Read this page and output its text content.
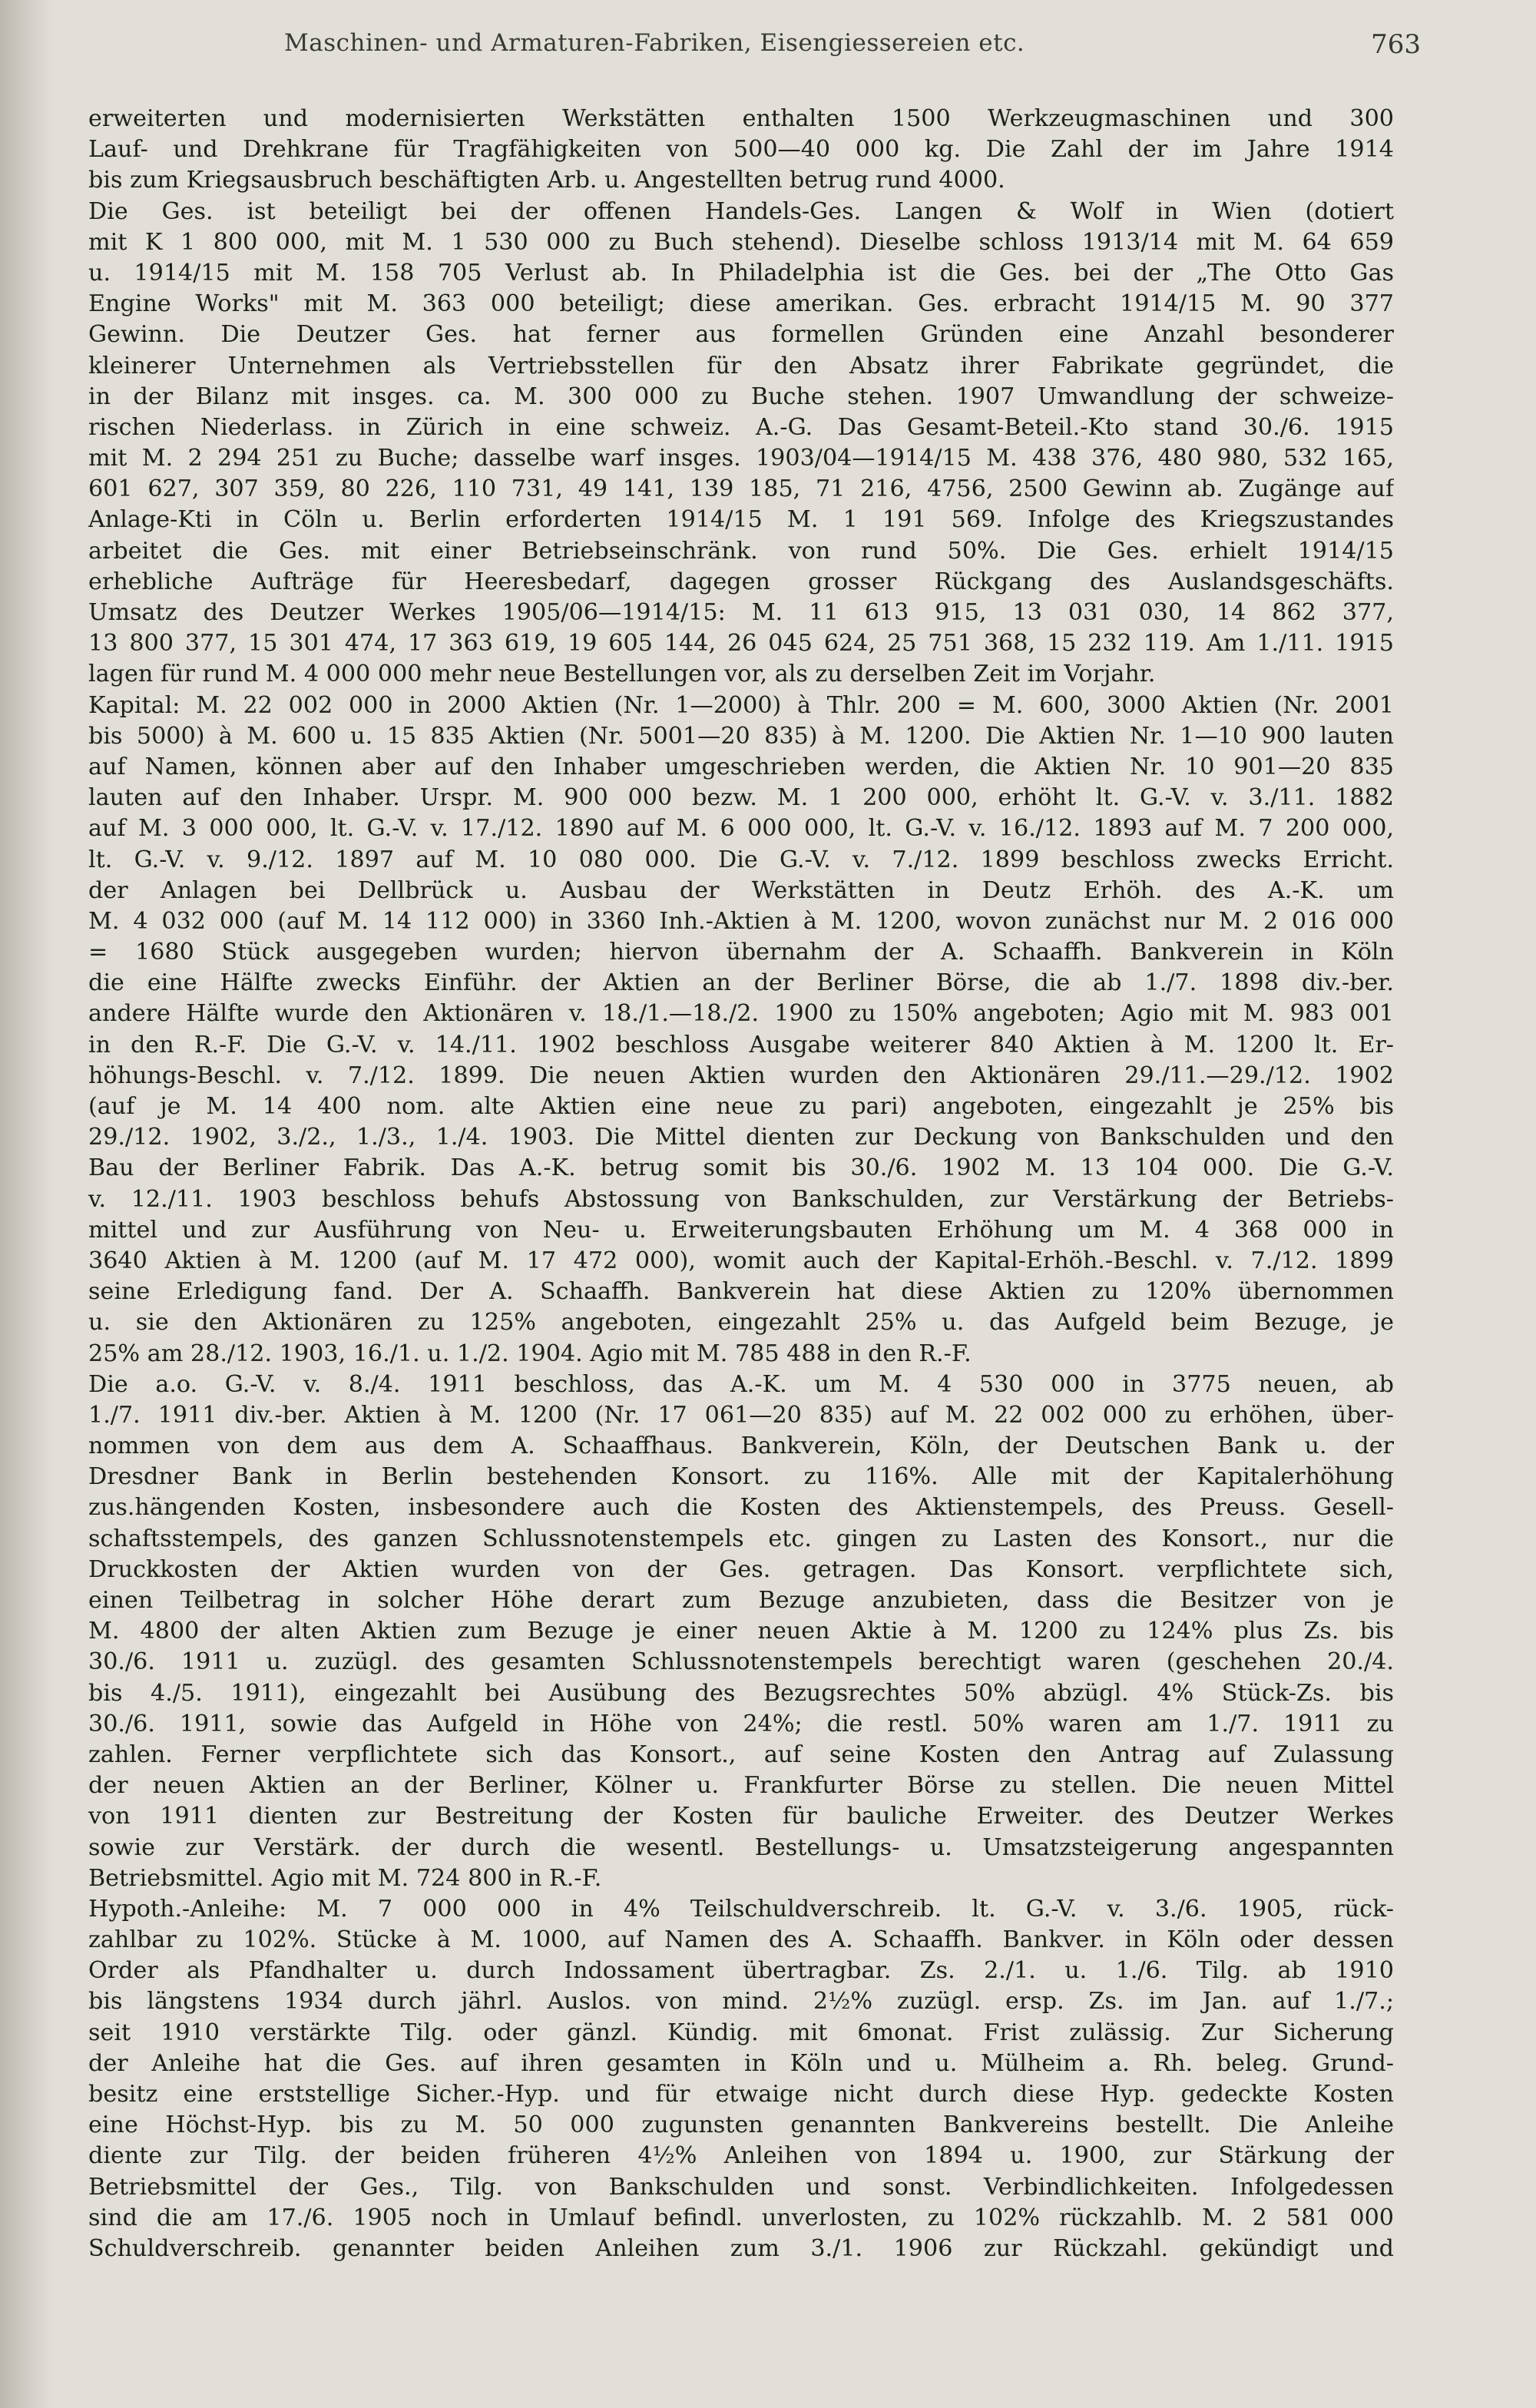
Maschinen- und Armaturen-Fabriken, Eisengiessereien etc.	763
erweiterten und modernisierten Werkstätten enthalten 1500 Werkzeugmaschinen und 300
Lauf- und Drehkrane für Tragfähigkeiten von 500—40 000 kg. Die Zahl der im Jahre 1914
bis zum Kriegsausbruch beschäftigten Arb. u. Angestellten betrug rund 4000.
Die Ges. ist beteiligt bei der offenen Handels-Ges. Langen & Wolf in Wien (dotiert
mit K 1 800 000, mit M. 1 530 000 zu Buch stehend). Dieselbe schloss 1913/14 mit M. 64 659
u. 1914/15 mit M. 158 705 Verlust ab. In Philadelphia ist die Ges. bei der „The Otto Gas
Engine Works" mit M. 363 000 beteiligt; diese amerikan. Ges. erbracht 1914/15 M. 90 377
Gewinn. Die Deutzer Ges. hat ferner aus formellen Gründen eine Anzahl besonderer
kleinerer Unternehmen als Vertriebsstellen für den Absatz ihrer Fabrikate gegründet, die
in der Bilanz mit insges. ca. M. 300 000 zu Buche stehen. 1907 Umwandlung der schweize-
rischen Niederlass. in Zürich in eine schweiz. A.-G. Das Gesamt-Beteil.-Kto stand 30./6. 1915
mit M. 2 294 251 zu Buche; dasselbe warf insges. 1903/04—1914/15 M. 438 376, 480 980, 532 165,
601 627, 307 359, 80 226, 110 731, 49 141, 139 185, 71 216, 4756, 2500 Gewinn ab. Zugänge auf
Anlage-Kti in Cöln u. Berlin erforderten 1914/15 M. 1 191 569. Infolge des Kriegszustandes
arbeitet die Ges. mit einer Betriebseinschränk. von rund 50%. Die Ges. erhielt 1914/15
erhebliche Aufträge für Heeresbedarf, dagegen grosser Rückgang des Auslandsgeschäfts.
Umsatz des Deutzer Werkes 1905/06—1914/15: M. 11 613 915, 13 031 030, 14 862 377,
13 800 377, 15 301 474, 17 363 619, 19 605 144, 26 045 624, 25 751 368, 15 232 119. Am 1./11. 1915
lagen für rund M. 4 000 000 mehr neue Bestellungen vor, als zu derselben Zeit im Vorjahr.
Kapital: M. 22 002 000 in 2000 Aktien (Nr. 1—2000) à Thlr. 200 = M. 600, 3000 Aktien (Nr. 2001
bis 5000) à M. 600 u. 15 835 Aktien (Nr. 5001—20 835) à M. 1200. Die Aktien Nr. 1—10 900 lauten
auf Namen, können aber auf den Inhaber umgeschrieben werden, die Aktien Nr. 10 901—20 835
lauten auf den Inhaber. Urspr. M. 900 000 bezw. M. 1 200 000, erhöht lt. G.-V. v. 3./11. 1882
auf M. 3 000 000, lt. G.-V. v. 17./12. 1890 auf M. 6 000 000, lt. G.-V. v. 16./12. 1893 auf M. 7 200 000,
lt. G.-V. v. 9./12. 1897 auf M. 10 080 000. Die G.-V. v. 7./12. 1899 beschloss zwecks Erricht.
der Anlagen bei Dellbrück u. Ausbau der Werkstätten in Deutz Erhöh. des A.-K. um
M. 4 032 000 (auf M. 14 112 000) in 3360 Inh.-Aktien à M. 1200, wovon zunächst nur M. 2 016 000
= 1680 Stück ausgegeben wurden; hiervon übernahm der A. Schaaffh. Bankverein in Köln
die eine Hälfte zwecks Einführ. der Aktien an der Berliner Börse, die ab 1./7. 1898 div.-ber.
andere Hälfte wurde den Aktionären v. 18./1.—18./2. 1900 zu 150% angeboten; Agio mit M. 983 001
in den R.-F. Die G.-V. v. 14./11. 1902 beschloss Ausgabe weiterer 840 Aktien à M. 1200 lt. Er-
höhungs-Beschl. v. 7./12. 1899. Die neuen Aktien wurden den Aktionären 29./11.—29./12. 1902
(auf je M. 14 400 nom. alte Aktien eine neue zu pari) angeboten, eingezahlt je 25% bis
29./12. 1902, 3./2., 1./3., 1./4. 1903. Die Mittel dienten zur Deckung von Bankschulden und den
Bau der Berliner Fabrik. Das A.-K. betrug somit bis 30./6. 1902 M. 13 104 000. Die G.-V.
v. 12./11. 1903 beschloss behufs Abstossung von Bankschulden, zur Verstärkung der Betriebs-
mittel und zur Ausführung von Neu- u. Erweiterungsbauten Erhöhung um M. 4 368 000 in
3640 Aktien à M. 1200 (auf M. 17 472 000), womit auch der Kapital-Erhöh.-Beschl. v. 7./12. 1899
seine Erledigung fand. Der A. Schaaffh. Bankverein hat diese Aktien zu 120% übernommen
u. sie den Aktionären zu 125% angeboten, eingezahlt 25% u. das Aufgeld beim Bezuge, je
25% am 28./12. 1903, 16./1. u. 1./2. 1904. Agio mit M. 785 488 in den R.-F.
Die a.o. G.-V. v. 8./4. 1911 beschloss, das A.-K. um M. 4 530 000 in 3775 neuen, ab
1./7. 1911 div.-ber. Aktien à M. 1200 (Nr. 17 061—20 835) auf M. 22 002 000 zu erhöhen, über-
nommen von dem aus dem A. Schaaffhaus. Bankverein, Köln, der Deutschen Bank u. der
Dresdner Bank in Berlin bestehenden Konsort. zu 116%. Alle mit der Kapitalerhöhung
zus.hängenden Kosten, insbesondere auch die Kosten des Aktienstempels, des Preuss. Gesell-
schaftsstempels, des ganzen Schlussnotenstempels etc. gingen zu Lasten des Konsort., nur die
Druckkosten der Aktien wurden von der Ges. getragen. Das Konsort. verpflichtete sich,
einen Teilbetrag in solcher Höhe derart zum Bezuge anzubieten, dass die Besitzer von je
M. 4800 der alten Aktien zum Bezuge je einer neuen Aktie à M. 1200 zu 124% plus Zs. bis
30./6. 1911 u. zuzügl. des gesamten Schlussnotenstempels berechtigt waren (geschehen 20./4.
bis 4./5. 1911), eingezahlt bei Ausübung des Bezugsrechtes 50% abzügl. 4% Stück-Zs. bis
30./6. 1911, sowie das Aufgeld in Höhe von 24%; die restl. 50% waren am 1./7. 1911 zu
zahlen. Ferner verpflichtete sich das Konsort., auf seine Kosten den Antrag auf Zulassung
der neuen Aktien an der Berliner, Kölner u. Frankfurter Börse zu stellen. Die neuen Mittel
von 1911 dienten zur Bestreitung der Kosten für bauliche Erweiter. des Deutzer Werkes
sowie zur Verstärk. der durch die wesentl. Bestellungs- u. Umsatzsteigerung angespannten
Betriebsmittel. Agio mit M. 724 800 in R.-F.
Hypoth.-Anleihe: M. 7 000 000 in 4% Teilschuldverschreib. lt. G.-V. v. 3./6. 1905, rück-
zahlbar zu 102%. Stücke à M. 1000, auf Namen des A. Schaaffh. Bankver. in Köln oder dessen
Order als Pfandhalter u. durch Indossament übertragbar. Zs. 2./1. u. 1./6. Tilg. ab 1910
bis längstens 1934 durch jährl. Auslos. von mind. 2½% zuzügl. ersp. Zs. im Jan. auf 1./7.;
seit 1910 verstärkte Tilg. oder gänzl. Kündig. mit 6monat. Frist zulässig. Zur Sicherung
der Anleihe hat die Ges. auf ihren gesamten in Köln und u. Mülheim a. Rh. beleg. Grund-
besitz eine erststellige Sicher.-Hyp. und für etwaige nicht durch diese Hyp. gedeckte Kosten
eine Höchst-Hyp. bis zu M. 50 000 zugunsten genannten Bankvereins bestellt. Die Anleihe
diente zur Tilg. der beiden früheren 4½% Anleihen von 1894 u. 1900, zur Stärkung der
Betriebsmittel der Ges., Tilg. von Bankschulden und sonst. Verbindlichkeiten. Infolgedessen
sind die am 17./6. 1905 noch in Umlauf befindl. unverlosten, zu 102% rückzahlb. M. 2 581 000
Schuldverschreib. genannter beiden Anleihen zum 3./1. 1906 zur Rückzahl. gekündigt und
